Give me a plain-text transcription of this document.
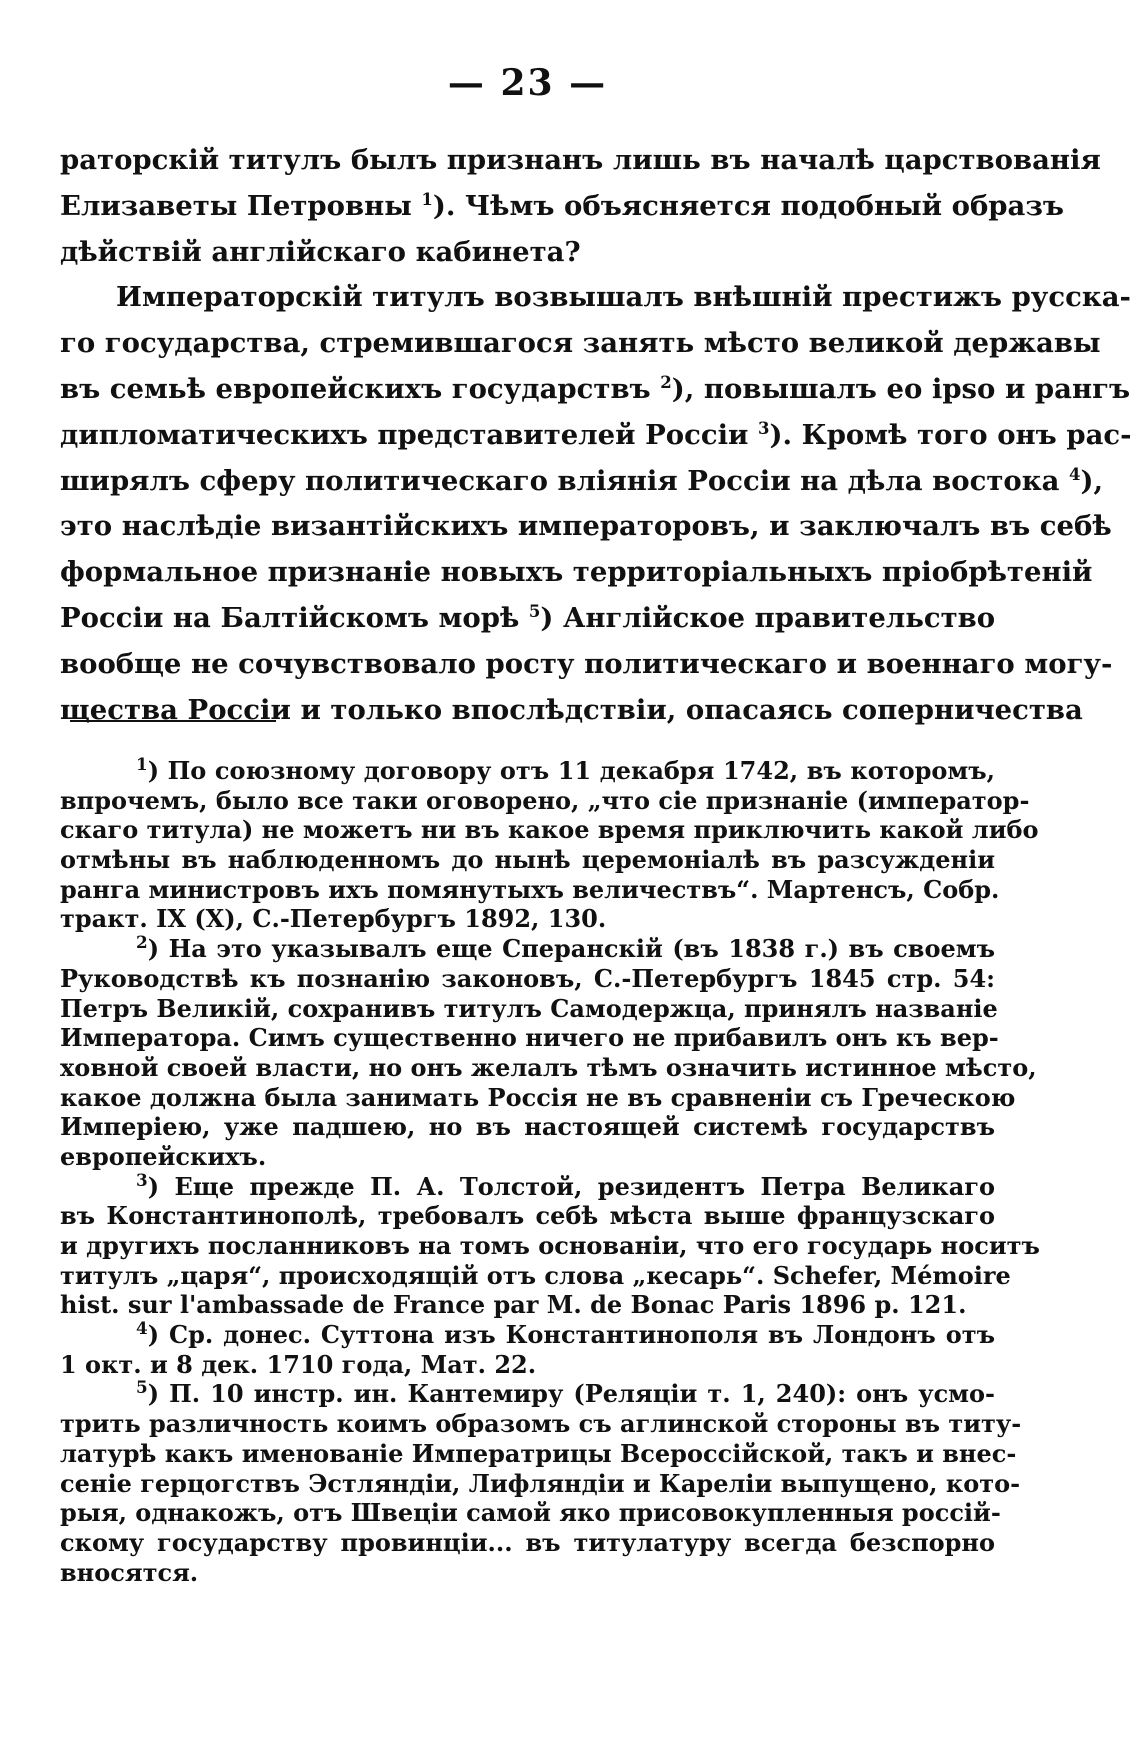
— 23 —
раторскій титулъ былъ признанъ лишь въ началѣ царствованія
Елизаветы Петровны $^1$). Чѣмъ объясняется подобный образъ
дѣйствій англійскаго кабинета?
Императорскій титулъ возвышалъ внѣшній престижъ русска-
го государства, стремившагося занять мѣсто великой державы
въ семьѣ европейскихъ государствъ $^2$), повышалъ eo ipso и рангъ
дипломатическихъ представителей Россіи $^3$). Кромѣ того онъ рас-
ширялъ сферу политическаго вліянія Россіи на дѣла востока $^4$),
это наслѣдіе византійскихъ императоровъ, и заключалъ въ себѣ
формальное признаніе новыхъ территоріальныхъ пріобрѣтеній
Россіи на Балтійскомъ морѣ $^5$) Англійское правительство
вообще не сочувствовало росту политическаго и военнаго могу-
щества Россіи и только впослѣдствіи, опасаясь соперничества
$^1$) По союзному договору отъ 11 декабря 1742, въ которомъ,
впрочемъ, было все таки оговорено, „что сіе признаніе (император-
скаго титула) не можетъ ни въ какое время приключить какой либо
отмѣны въ наблюденномъ до нынѣ церемоніалѣ въ разсужденіи
ранга министровъ ихъ помянутыхъ величествъ“. Мартенсъ, Собр.
тракт. IX (X), С.-Петербургъ 1892, 130.
$^2$) На это указывалъ еще Сперанскій (въ 1838 г.) въ своемъ
Руководствѣ къ познанію законовъ, С.-Петербургъ 1845 стр. 54:
Петръ Великій, сохранивъ титулъ Самодержца, принялъ названіе
Императора. Симъ существенно ничего не прибавилъ онъ къ вер-
ховной своей власти, но онъ желалъ тѣмъ означить истинное мѣсто,
какое должна была занимать Россія не въ сравненіи съ Греческою
Имперіею, уже падшею, но въ настоящей системѣ государствъ
европейскихъ.
$^3$) Еще прежде П. А. Толстой, резидентъ Петра Великаго
въ Константинополѣ, требовалъ себѣ мѣста выше французскаго
и другихъ посланниковъ на томъ основаніи, что его государь носитъ
титулъ „царя“, происходящій отъ слова „кесарь“. Schefer, Mémoire
hist. sur l'ambassade de France par M. de Bonac Paris 1896 p. 121.
$^4$) Ср. донес. Суттона изъ Константинополя въ Лондонъ отъ
1 окт. и 8 дек. 1710 года, Мат. 22.
$^5$) П. 10 инстр. ин. Кантемиру (Реляціи т. 1, 240): онъ усмо-
трить различность коимъ образомъ съ аглинской стороны въ титу-
латурѣ какъ именованіе Императрицы Всероссійской, такъ и внес-
сеніе герцогствъ Эстляндіи, Лифляндіи и Кареліи выпущено, кото-
рыя, однакожъ, отъ Швеціи самой яко присовокупленныя россій-
скому государству провинціи... въ титулатуру всегда безспорно
вносятся.
